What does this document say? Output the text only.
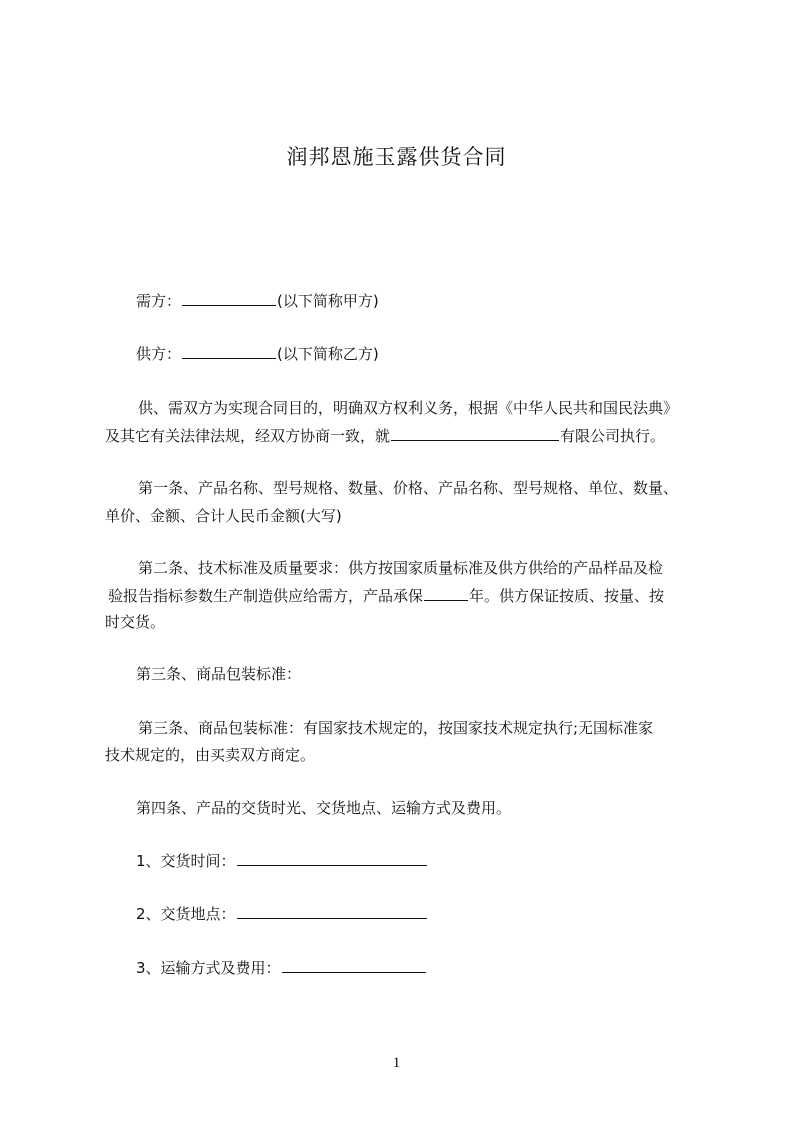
润邦恩施玉露供货合同
需方：	(以下简称甲方)
供方：	(以下简称乙方)
供、需双方为实现合同目的，明确双方权利义务，根据《中华人民共和国民法典》
及其它有关法律法规，经双方协商一致，就	有限公司执行。
第一条、产品名称、型号规格、数量、价格、产品名称、型号规格、单位、数量、
单价、金额、合计人民币金额(大写)
第二条、技术标准及质量要求：供方按国家质量标准及供方供给的产品样品及检
验报告指标参数生产制造供应给需方，产品承保	年。供方保证按质、按量、按
时交货。
第三条、商品包装标准：
第三条、商品包装标准：有国家技术规定的，按国家技术规定执行;无国标准家
技术规定的，由买卖双方商定。
第四条、产品的交货时光、交货地点、运输方式及费用。
1、交货时间：
2、交货地点：
3、运输方式及费用：
1
